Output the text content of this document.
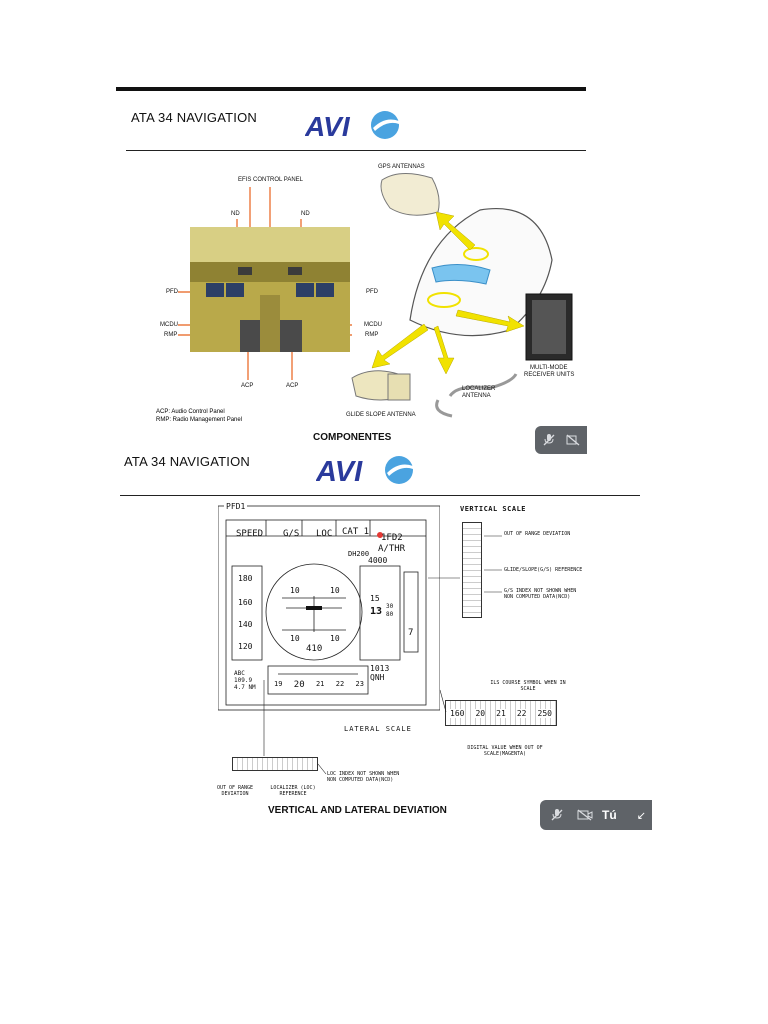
ATA 34 NAVIGATION AVI
ACP: Audio Control Panel
RMP: Radio Management Panel
EFIS CONTROL PANEL
ND	ND
PFD	PFD
MCDU	MCDU
RMP	RMP
ACP	ACP
GPS ANTENNAS
MULTI-MODE
RECEIVER UNITS
LOCALIZER
ANTENNA
GLIDE SLOPE ANTENNA
COMPONENTES
ATA 34 NAVIGATION AVI
PFD1
SPEED G/S LOC CAT 1
1FD2
A/THR
DH200
4000
180
160
140
120
10	10
10	10
410
15
13 30
80
7
1013
QNH
ABC
109.9
4.7 NM	19 20 21 22 23
VERTICAL SCALE
OUT OF RANGE DEVIATION
GLIDE/SLOPE(G/S) REFERENCE
G/S INDEX NOT SHOWN WHEN NON COMPUTED DATA(NCD)
LATERAL SCALE
ILS COURSE SYMBOL WHEN IN SCALE
160 20 21 22 250
DIGITAL VALUE WHEN OUT OF SCALE(MAGENTA)
OUT OF RANGE DEVIATION
LOCALIZER (LOC) REFERENCE
LOC INDEX NOT SHOWN WHEN NON COMPUTED DATA(NCD)
VERTICAL AND LATERAL DEVIATION	Tú ↙
